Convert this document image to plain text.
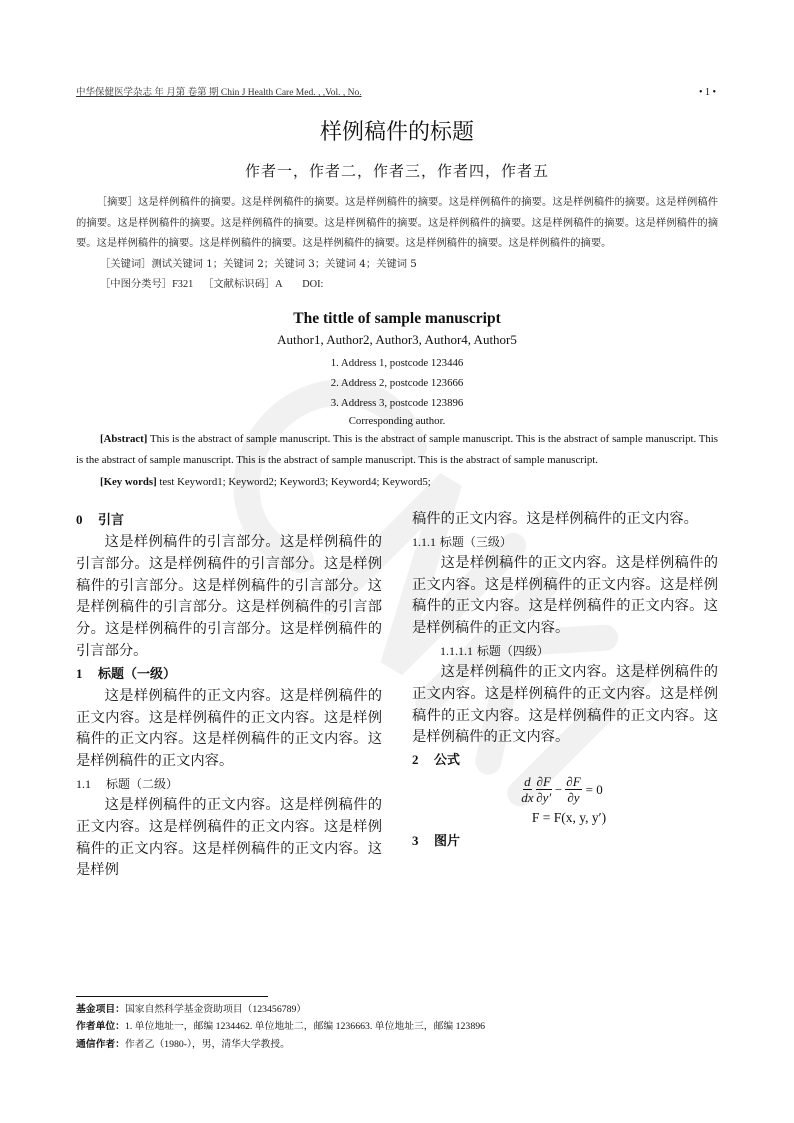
中华保健医学杂志 年 月第 卷第 期 Chin J Health Care Med. , ,Vol. , No.	• 1 •
样例稿件的标题
作者一，作者二，作者三，作者四，作者五
［摘要］这是样例稿件的摘要。这是样例稿件的摘要。这是样例稿件的摘要。这是样例稿件的摘要。这是样例稿件的摘要。这是样例稿件的摘要。这是样例稿件的摘要。这是样例稿件的摘要。这是样例稿件的摘要。这是样例稿件的摘要。这是样例稿件的摘要。这是样例稿件的摘要。这是样例稿件的摘要。这是样例稿件的摘要。这是样例稿件的摘要。这是样例稿件的摘要。这是样例稿件的摘要。
［关键词］测试关键词 1；关键词 2；关键词 3；关键词 4；关键词 5
［中图分类号］F321 ［文献标识码］A DOI:
The tittle of sample manuscript
Author1, Author2, Author3, Author4, Author5
1. Address 1, postcode 123446
2. Address 2, postcode 123666
3. Address 3, postcode 123896
Corresponding author.
[Abstract] This is the abstract of sample manuscript. This is the abstract of sample manuscript. This is the abstract of sample manuscript. This is the abstract of sample manuscript. This is the abstract of sample manuscript. This is the abstract of sample manuscript.
[Key words] test Keyword1; Keyword2; Keyword3; Keyword4; Keyword5;
0 引言

这是样例稿件的引言部分。这是样例稿件的引言部分。这是样例稿件的引言部分。这是样例稿件的引言部分。这是样例稿件的引言部分。这是样例稿件的引言部分。这是样例稿件的引言部分。这是样例稿件的引言部分。这是样例稿件的引言部分。

1 标题（一级）

这是样例稿件的正文内容。这是样例稿件的正文内容。这是样例稿件的正文内容。这是样例稿件的正文内容。这是样例稿件的正文内容。这是样例稿件的正文内容。

1.1 标题（二级）

这是样例稿件的正文内容。这是样例稿件的正文内容。这是样例稿件的正文内容。这是样例稿件的正文内容。这是样例稿件的正文内容。这是样例

稿件的正文内容。这是样例稿件的正文内容。
1.1.1 标题（三级）

这是样例稿件的正文内容。这是样例稿件的正文内容。这是样例稿件的正文内容。这是样例稿件的正文内容。这是样例稿件的正文内容。这是样例稿件的正文内容。

1.1.1.1 标题（四级）

这是样例稿件的正文内容。这是样例稿件的正文内容。这是样例稿件的正文内容。这是样例稿件的正文内容。这是样例稿件的正文内容。这是样例稿件的正文内容。

2 公式
d
dx
∂F
∂y′
− $\frac{\partial F}{\partial y} = 0$
F = F(x, y, y′)
3 图片
基金项目：国家自然科学基金资助项目（123456789）
作者单位：1. 单位地址一，邮编 1234462. 单位地址二，邮编 1236663. 单位地址三，邮编 123896
通信作者：作者乙（1980-），男，清华大学教授。
